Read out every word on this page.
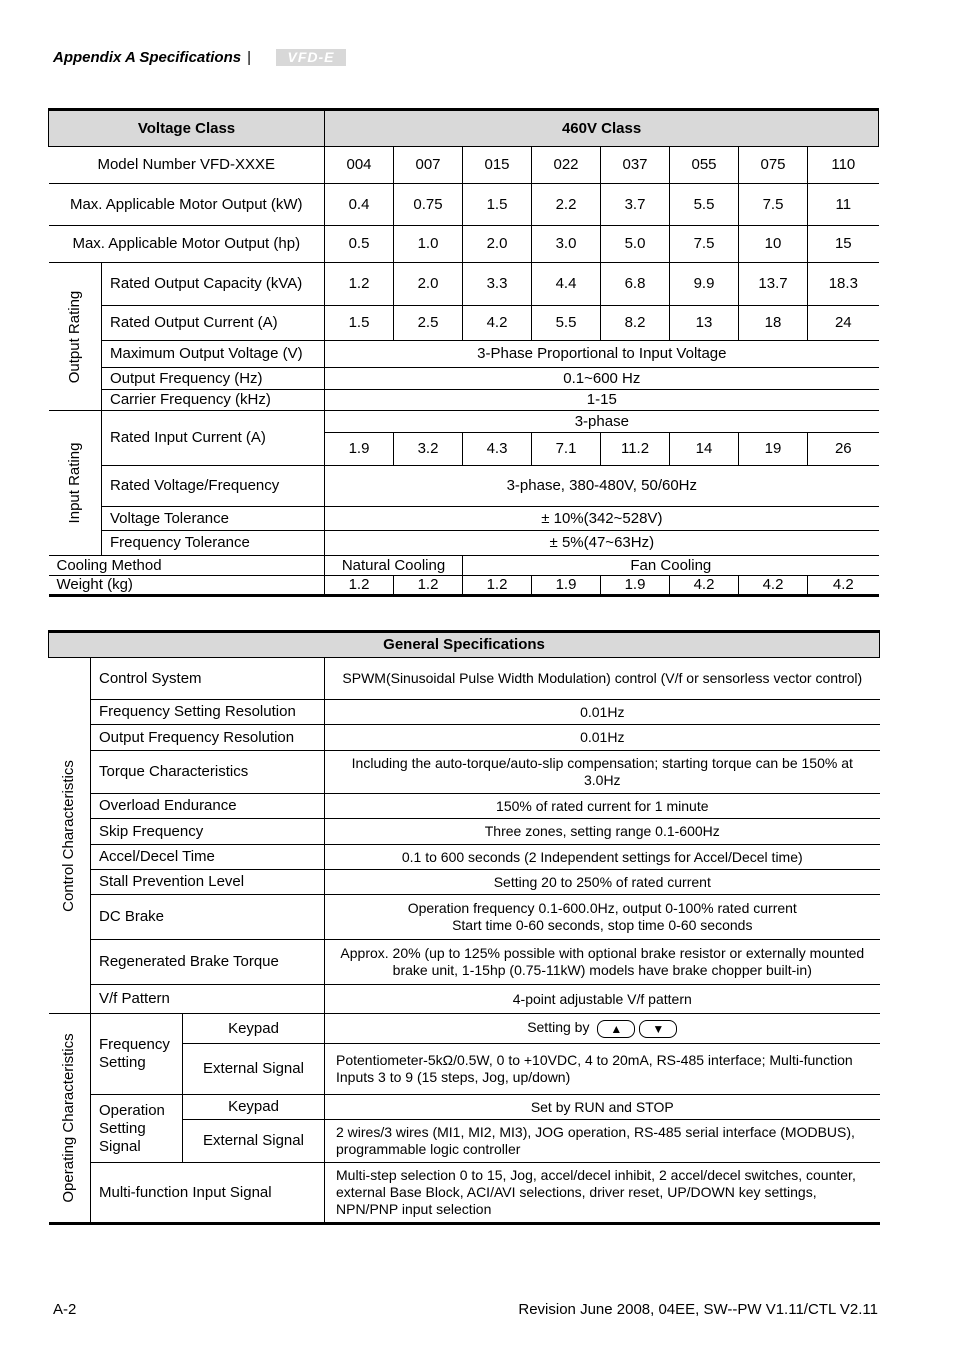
Appendix A Specifications |	VFD-E
Voltage Class		460V Class							
Model Number VFD-XXXE		004	007	015	022	037	055	075	110
Max. Applicable Motor Output (kW)		0.4	0.75	1.5	2.2	3.7	5.5	7.5	11
Max. Applicable Motor Output (hp)		0.5	1.0	2.0	3.0	5.0	7.5	10	15

Output Rating	Rated Output Capacity (kVA)	1.2	2.0	3.3	4.4	6.8	9.9	13.7	18.3
	Rated Output Current (A)	1.5	2.5	4.2	5.5	8.2	13	18	24
	Maximum Output Voltage (V)	3-Phase Proportional to Input Voltage							
	Output Frequency (Hz)	0.1~600 Hz							
	Carrier Frequency (kHz)	1-15							

Input Rating	Rated Input Current (A)	3-phase							
		1.9	3.2	4.3	7.1	11.2	14	19	26
	Rated Voltage/Frequency	3-phase, 380-480V, 50/60Hz							
	Voltage Tolerance	± 10%(342~528V)							
	Frequency Tolerance	± 5%(47~63Hz)							
Cooling Method		Natural Cooling		Fan Cooling					
Weight (kg)		1.2	1.2	1.2	1.9	1.9	4.2	4.2	4.2
General Specifications			

Control Characteristics	Control System		SPWM(Sinusoidal Pulse Width Modulation) control (V/f or sensorless vector control)
	Frequency Setting Resolution		0.01Hz
	Output Frequency Resolution		0.01Hz
	Torque Characteristics		Including the auto-torque/auto-slip compensation; starting torque can be 150% at 3.0Hz
	Overload Endurance		150% of rated current for 1 minute
	Skip Frequency		Three zones, setting range 0.1-600Hz
	Accel/Decel Time		0.1 to 600 seconds (2 Independent settings for Accel/Decel time)
	Stall Prevention Level		Setting 20 to 250% of rated current
	DC Brake		Operation frequency 0.1-600.0Hz, output 0-100% rated current
Start time 0-60 seconds, stop time 0-60 seconds

	Regenerated Brake Torque		Approx. 20% (up to 125% possible with optional brake resistor or externally mounted brake unit, 1-15hp (0.75-11kW) models have brake chopper built-in)
	V/f Pattern		4-point adjustable V/f pattern

Operating Characteristics	Frequency Setting	Keypad	Setting by ▲ ▼
		External Signal	Potentiometer-5kΩ/0.5W, 0 to +10VDC, 4 to 20mA, RS-485 interface; Multi-function Inputs 3 to 9 (15 steps, Jog, up/down)
	Operation Setting Signal	Keypad	Set by RUN and STOP
		External Signal	2 wires/3 wires (MI1, MI2, MI3), JOG operation, RS-485 serial interface (MODBUS), programmable logic controller
	Multi-function Input Signal		Multi-step selection 0 to 15, Jog, accel/decel inhibit, 2 accel/decel switches, counter, external Base Block, ACI/AVI selections, driver reset, UP/DOWN key settings, NPN/PNP input selection
A-2	Revision June 2008, 04EE, SW--PW V1.11/CTL V2.11
